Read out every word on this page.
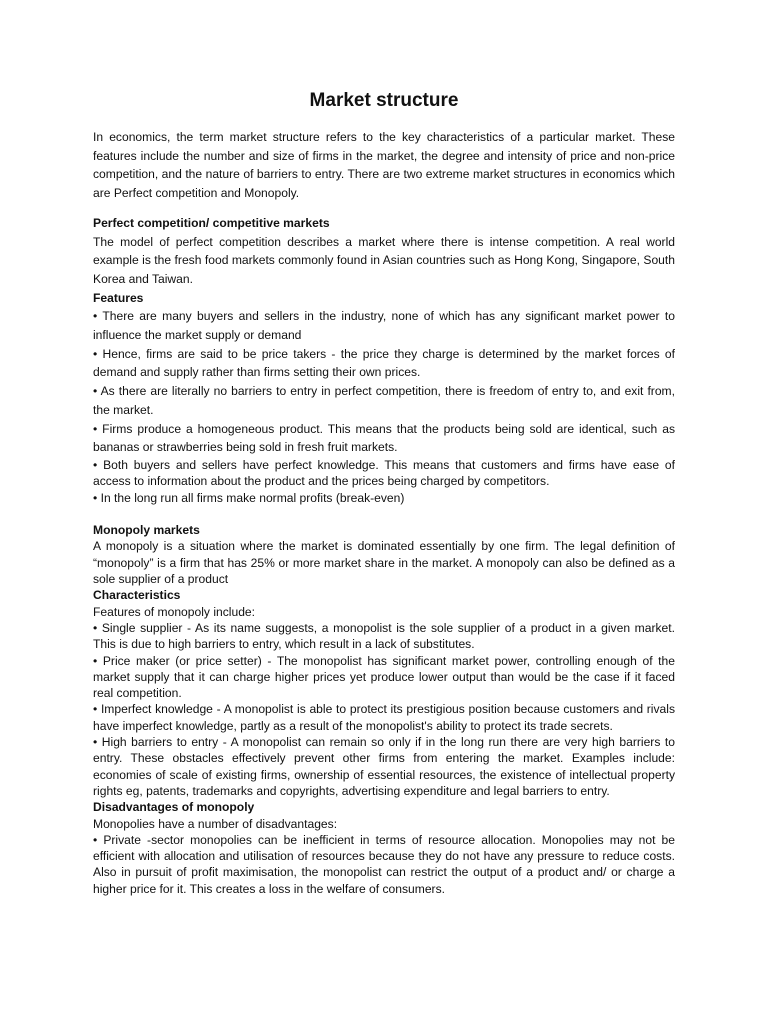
Market structure

In economics, the term market structure refers to the key characteristics of a particular market. These features include the number and size of firms in the market, the degree and intensity of price and non-price competition, and the nature of barriers to entry. There are two extreme market structures in economics which are Perfect competition and Monopoly.

Perfect competition/ competitive markets

The model of perfect competition describes a market where there is intense competition. A real world example is the fresh food markets commonly found in Asian countries such as Hong Kong, Singapore, South Korea and Taiwan.

Features

• There are many buyers and sellers in the industry, none of which has any significant market power to influence the market supply or demand
• Hence, firms are said to be price takers - the price they charge is determined by the market forces of demand and supply rather than firms setting their own prices.
• As there are literally no barriers to entry in perfect competition, there is freedom of entry to, and exit from, the market.
• Firms produce a homogeneous product. This means that the products being sold are identical, such as bananas or strawberries being sold in fresh fruit markets.
• Both buyers and sellers have perfect knowledge. This means that customers and firms have ease of access to information about the product and the prices being charged by competitors.
• In the long run all firms make normal profits (break-even)

Monopoly markets

A monopoly is a situation where the market is dominated essentially by one firm. The legal definition of “monopoly” is a firm that has 25% or more market share in the market. A monopoly can also be defined as a sole supplier of a product

Characteristics

Features of monopoly include:

• Single supplier - As its name suggests, a monopolist is the sole supplier of a product in a given market. This is due to high barriers to entry, which result in a lack of substitutes.
• Price maker (or price setter) - The monopolist has significant market power, controlling enough of the market supply that it can charge higher prices yet produce lower output than would be the case if it faced real competition.
• Imperfect knowledge - A monopolist is able to protect its prestigious position because customers and rivals have imperfect knowledge, partly as a result of the monopolist's ability to protect its trade secrets.
• High barriers to entry - A monopolist can remain so only if in the long run there are very high barriers to entry. These obstacles effectively prevent other firms from entering the market. Examples include: economies of scale of existing firms, ownership of essential resources, the existence of intellectual property rights eg, patents, trademarks and copyrights, advertising expenditure and legal barriers to entry.

Disadvantages of monopoly

Monopolies have a number of disadvantages:

• Private -sector monopolies can be inefficient in terms of resource allocation. Monopolies may not be efficient with allocation and utilisation of resources because they do not have any pressure to reduce costs. Also in pursuit of profit maximisation, the monopolist can restrict the output of a product and/ or charge a higher price for it. This creates a loss in the welfare of consumers.
